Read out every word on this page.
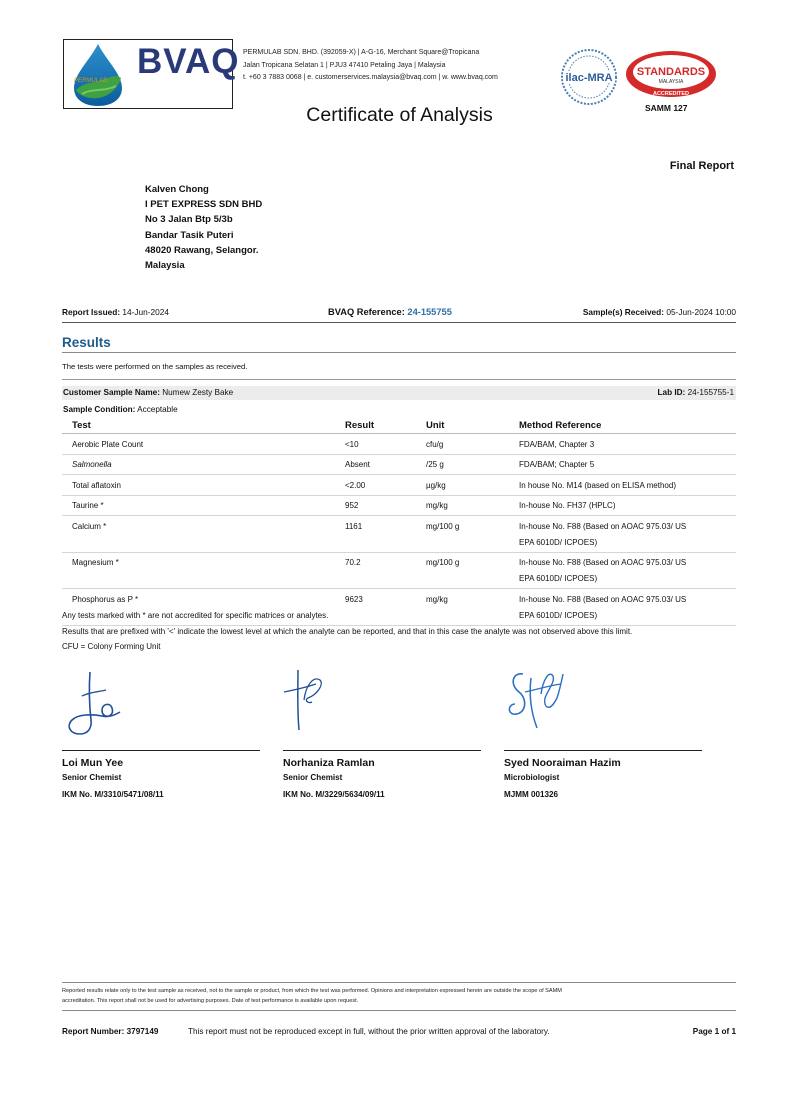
PERMULAB BVAQ PERMULAB SDN. BHD. (392059-X) | A-G-16, Merchant Square@Tropicana
Jalan Tropicana Selatan 1 | PJU3 47410 Petaling Jaya | Malaysia
t. +60 3 7883 0068 | e. customerservices.malaysia@bvaq.com | w. www.bvaq.com	ilac-MRA STANDARDS
MALAYSIA
ACCREDITED
SAMM 127
Certificate of Analysis
Final Report
Kalven Chong
I PET EXPRESS SDN BHD
No 3 Jalan Btp 5/3b
Bandar Tasik Puteri
48020 Rawang, Selangor.
Malaysia
Report Issued: 14-Jun-2024	BVAQ Reference: 24-155755	Sample(s) Received: 05-Jun-2024 10:00
Results
The tests were performed on the samples as received.
Customer Sample Name: Numew Zesty Bake	Lab ID: 24-155755-1
Sample Condition: Acceptable
Test	Result	Unit	Method Reference
Aerobic Plate Count	<10	cfu/g	FDA/BAM, Chapter 3

Salmonella	Absent	/25 g	FDA/BAM; Chapter 5

Total aflatoxin	<2.00	µg/kg	In house No. M14 (based on ELISA method)

Taurine *	952	mg/kg	In-house No. FH37 (HPLC)

Calcium *	1161	mg/100 g	In-house No. F88 (Based on AOAC 975.03/ US
EPA 6010D/ ICPOES)

Magnesium *	70.2	mg/100 g	In-house No. F88 (Based on AOAC 975.03/ US
EPA 6010D/ ICPOES)

Phosphorus as P *	9623	mg/kg	In-house No. F88 (Based on AOAC 975.03/ US
EPA 6010D/ ICPOES)
Any tests marked with * are not accredited for specific matrices or analytes.
Results that are prefixed with '<' indicate the lowest level at which the analyte can be reported, and that in this case the analyte was not observed above this limit.
CFU = Colony Forming Unit
Loi Mun Yee
Senior Chemist
IKM No. M/3310/5471/08/11
Norhaniza Ramlan
Senior Chemist
IKM No. M/3229/5634/09/11
Syed Nooraiman Hazim
Microbiologist
MJMM 001326
Reported results relate only to the test sample as received, not to the sample or product, from which the test was performed. Opinions and interpretation expressed herein are outside the scope of SAMM
accreditation. This report shall not be used for advertising purposes. Date of test performance is available upon request.
Report Number: 3797149	This report must not be reproduced except in full, without the prior written approval of the laboratory.	Page 1 of 1
